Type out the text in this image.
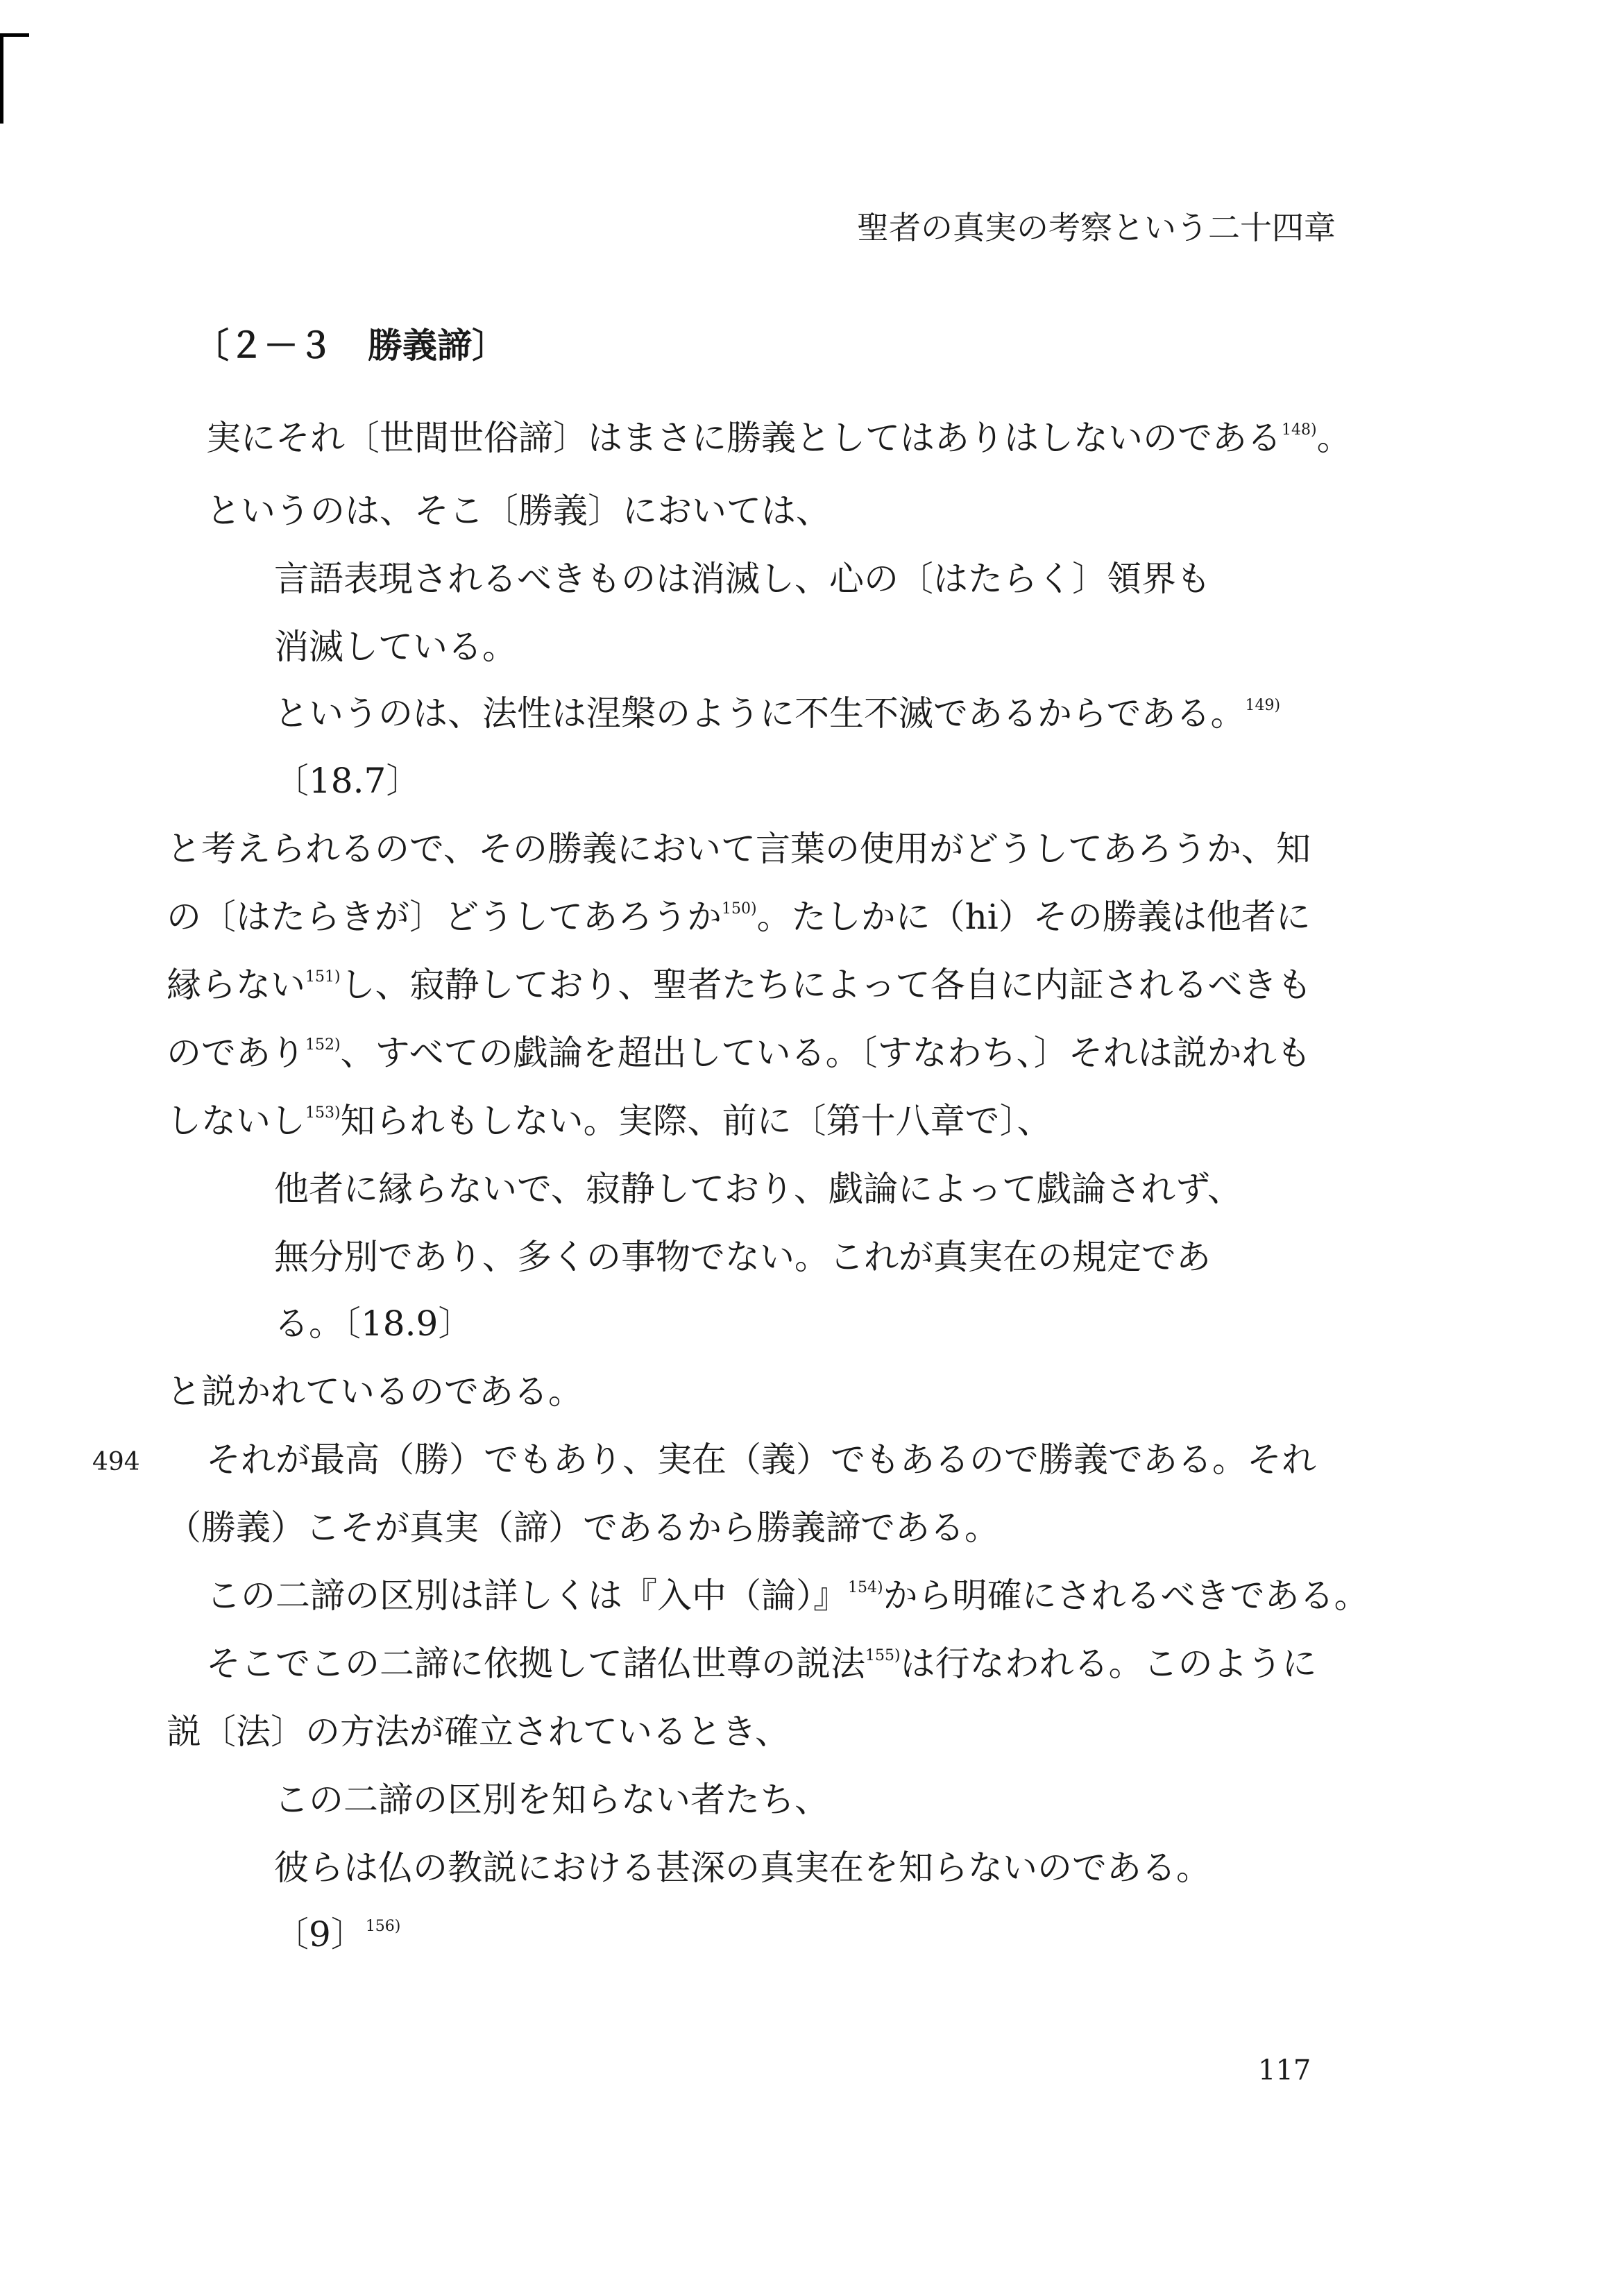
聖者の真実の考察という二十四章
〔２－３　勝義諦〕
実にそれ〔世間世俗諦〕はまさに勝義としてはありはしないのである$^{148)}$。
というのは、そこ〔勝義〕においては、
言語表現されるべきものは消滅し、心の〔はたらく〕領界も
消滅している。
というのは、法性は涅槃のように不生不滅であるからである。$^{149)}$
〔18.7〕
と考えられるので、その勝義において言葉の使用がどうしてあろうか、知
の〔はたらきが〕どうしてあろうか$^{150)}$。たしかに（hi）その勝義は他者に
縁らない$^{151)}$し、寂静しており、聖者たちによって各自に内証されるべきも
のであり$^{152)}$、すべての戯論を超出している。〔すなわち、〕それは説かれも
しないし$^{153)}$知られもしない。実際、前に〔第十八章で〕、
他者に縁らないで、寂静しており、戯論によって戯論されず、
無分別であり、多くの事物でない。これが真実在の規定であ
る。〔18.9〕
と説かれているのである。
494 それが最高（勝）でもあり、実在（義）でもあるので勝義である。それ
（勝義）こそが真実（諦）であるから勝義諦である。
この二諦の区別は詳しくは『入中（論）』$^{154)}$から明確にされるべきである。
そこでこの二諦に依拠して諸仏世尊の説法$^{155)}$は行なわれる。このように
説〔法〕の方法が確立されているとき、
この二諦の区別を知らない者たち、
彼らは仏の教説における甚深の真実在を知らないのである。
〔9〕$^{156)}$
117
